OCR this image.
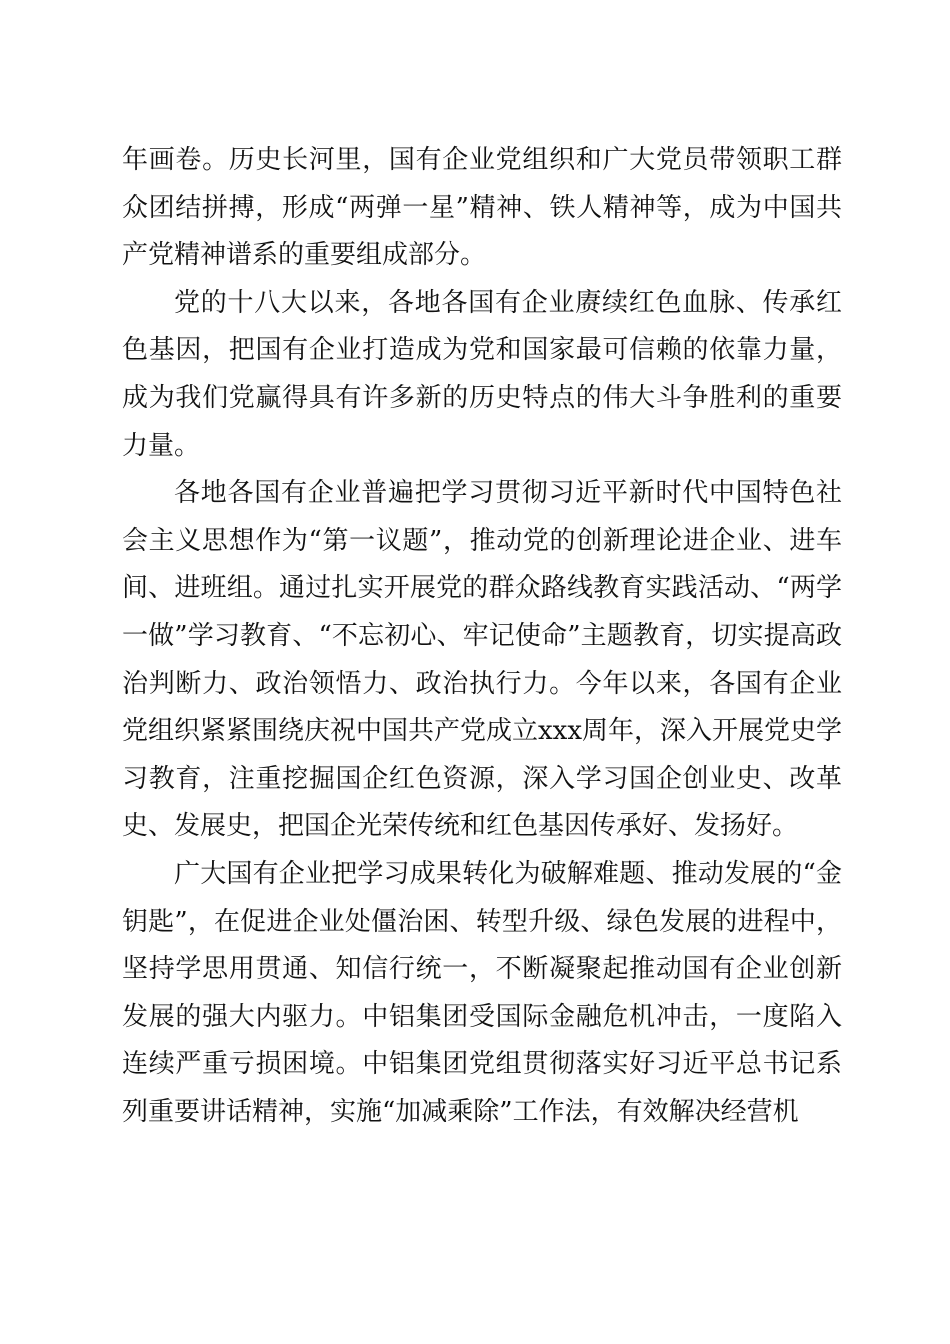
年画卷。历史长河里，国有企业党组织和广大党员带领职工群众团结拼搏，形成“两弹一星”精神、铁人精神等，成为中国共产党精神谱系的重要组成部分。

党的十八大以来，各地各国有企业赓续红色血脉、传承红色基因，把国有企业打造成为党和国家最可信赖的依靠力量，成为我们党赢得具有许多新的历史特点的伟大斗争胜利的重要力量。

各地各国有企业普遍把学习贯彻习近平新时代中国特色社会主义思想作为“第一议题”，推动党的创新理论进企业、进车间、进班组。通过扎实开展党的群众路线教育实践活动、“两学一做”学习教育、“不忘初心、牢记使命”主题教育，切实提高政治判断力、政治领悟力、政治执行力。今年以来，各国有企业党组织紧紧围绕庆祝中国共产党成立xxx周年，深入开展党史学习教育，注重挖掘国企红色资源，深入学习国企创业史、改革史、发展史，把国企光荣传统和红色基因传承好、发扬好。

广大国有企业把学习成果转化为破解难题、推动发展的“金钥匙”，在促进企业处僵治困、转型升级、绿色发展的进程中，坚持学思用贯通、知信行统一，不断凝聚起推动国有企业创新发展的强大内驱力。中铝集团受国际金融危机冲击，一度陷入连续严重亏损困境。中铝集团党组贯彻落实好习近平总书记系列重要讲话精神，实施“加减乘除”工作法，有效解决经营机
